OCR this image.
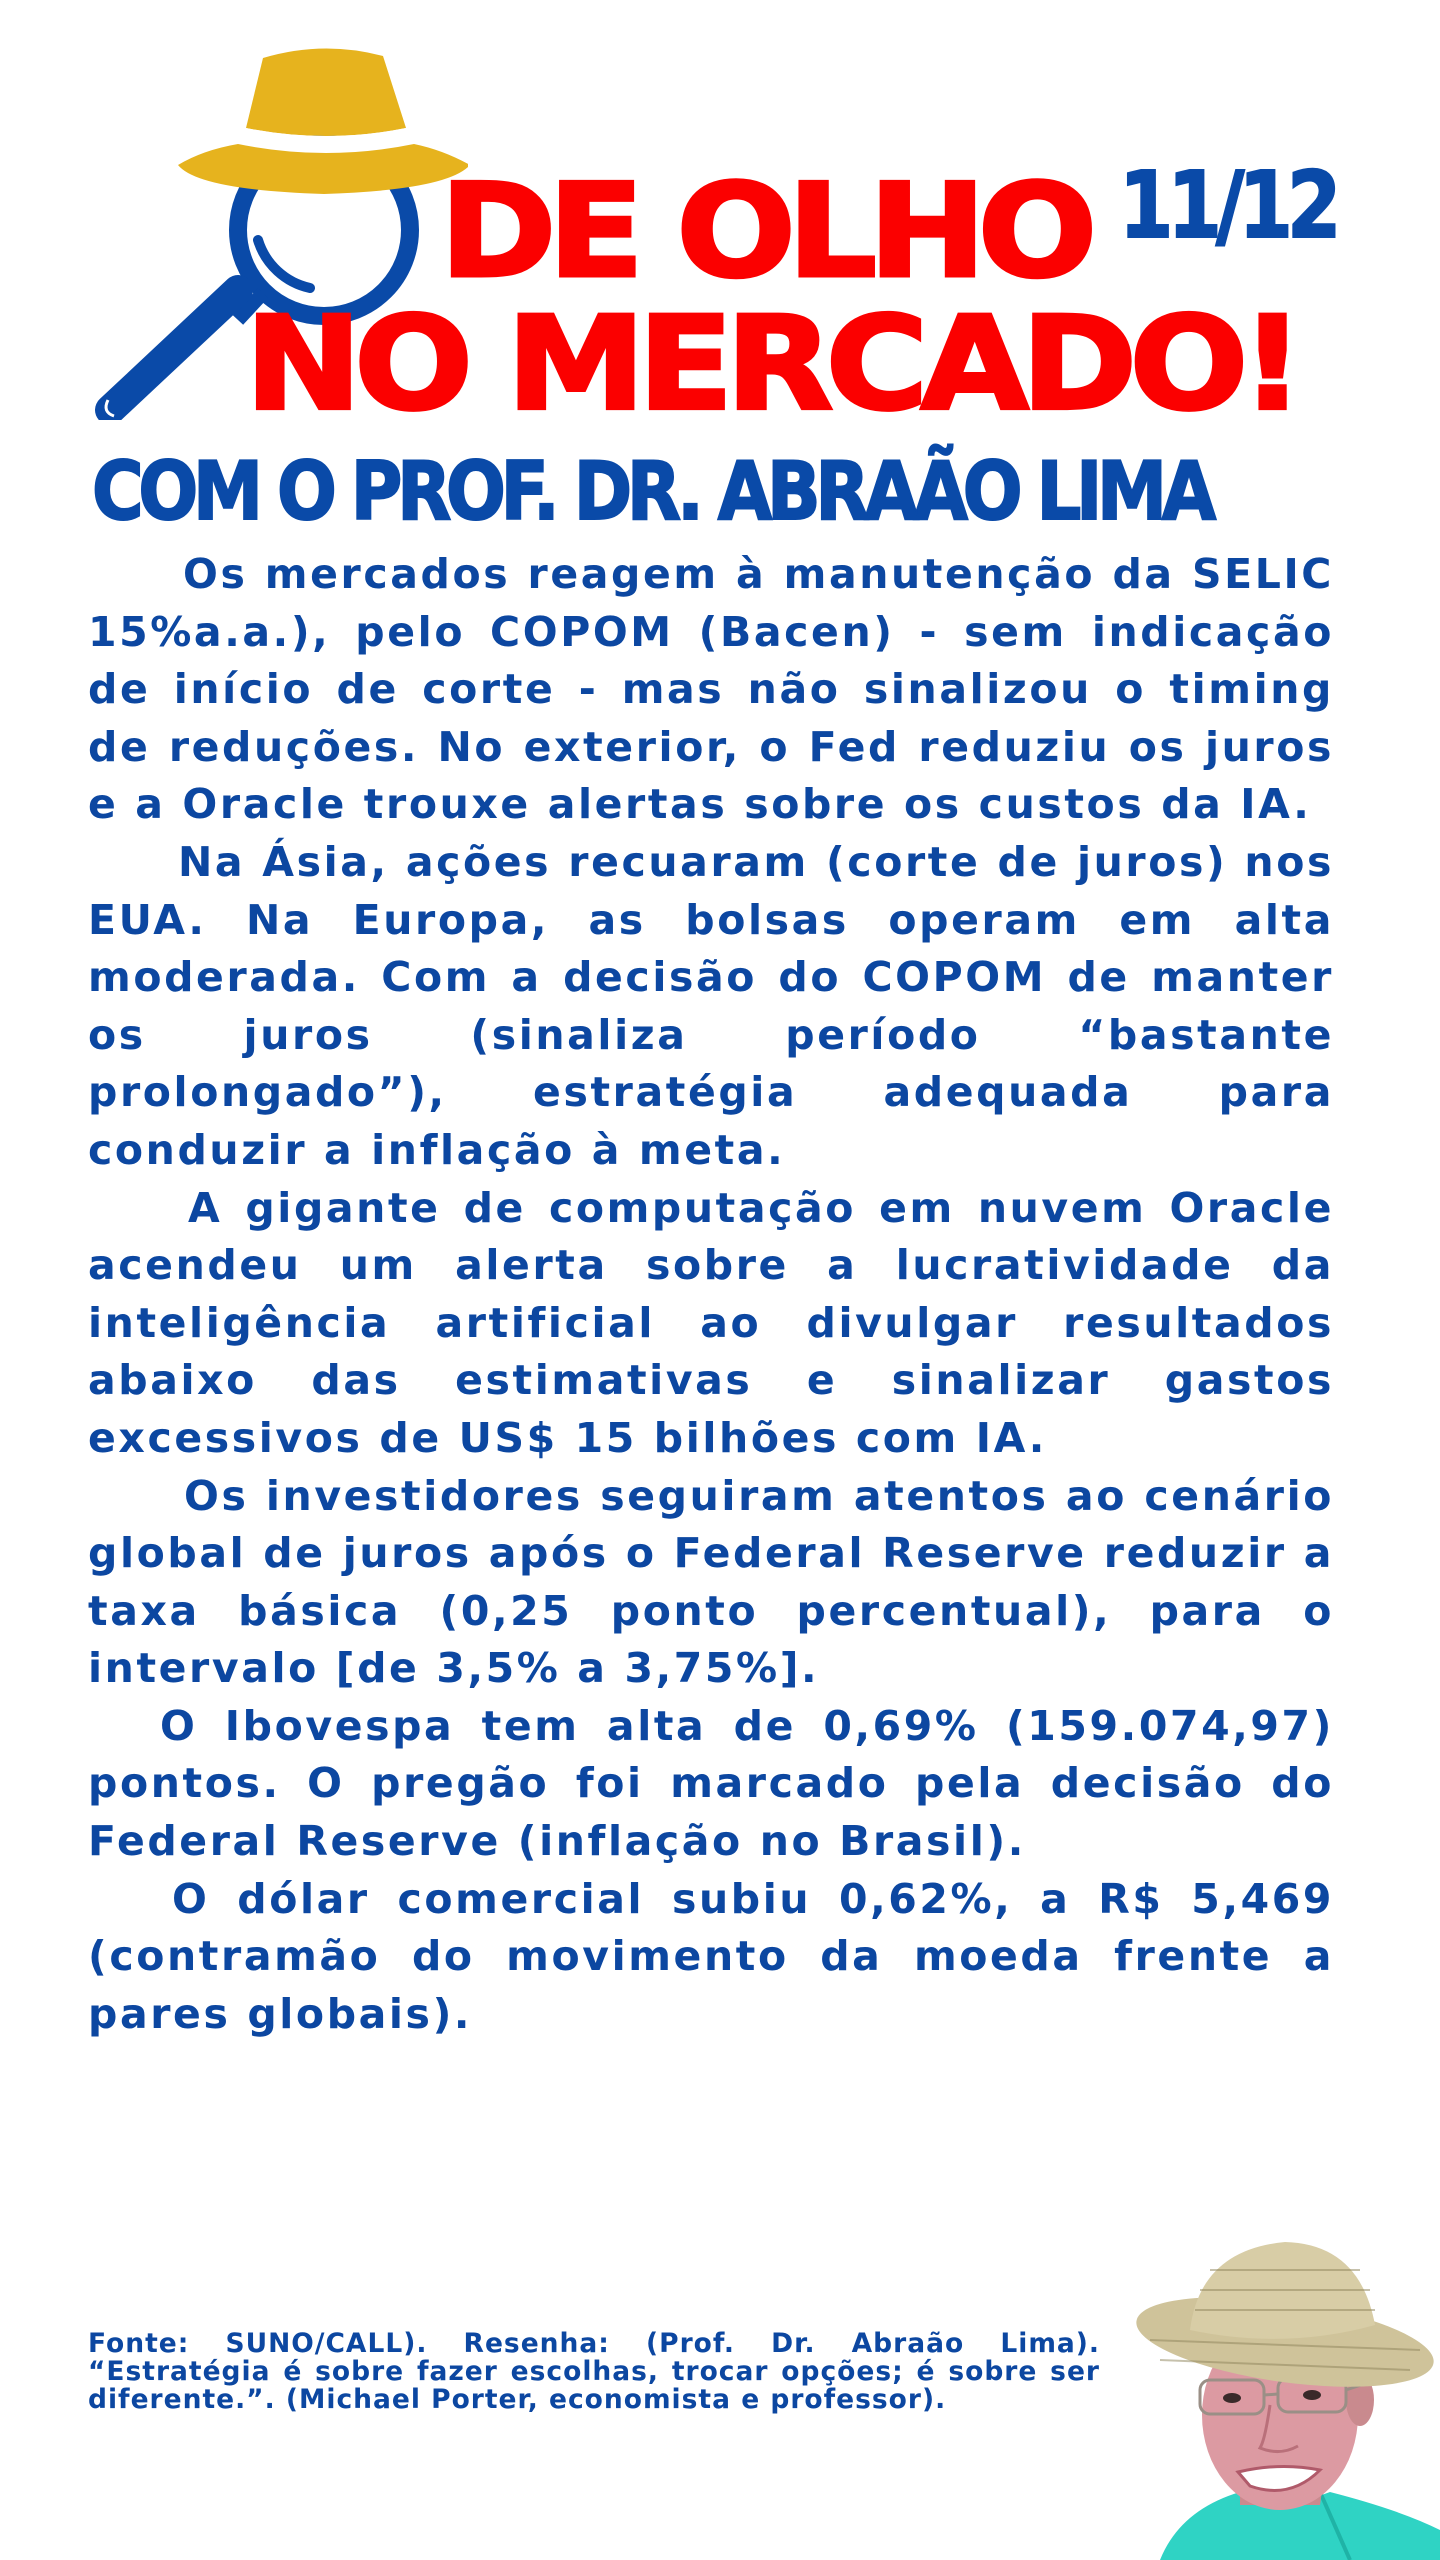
DE OLHO 11/12
NO MERCADO!
COM O PROF. DR. ABRAÃO LIMA

Os mercados reagem à manutenção da SELIC 15%a.a.), pelo COPOM (Bacen) - sem indicação de início de corte - mas não sinalizou o timing de reduções. No exterior, o Fed reduziu os juros e a Oracle trouxe alertas sobre os custos da IA.

Na Ásia, ações recuaram (corte de juros) nos EUA. Na Europa, as bolsas operam em alta moderada. Com a decisão do COPOM de manter os juros (sinaliza período “bastante prolongado”), estratégia adequada para conduzir a inflação à meta.

A gigante de computação em nuvem Oracle acendeu um alerta sobre a lucratividade da inteligência artificial ao divulgar resultados abaixo das estimativas e sinalizar gastos excessivos de US$ 15 bilhões com IA.

Os investidores seguiram atentos ao cenário global de juros após o Federal Reserve reduzir a taxa básica (0,25 ponto percentual), para o intervalo [de 3,5% a 3,75%].

O Ibovespa tem alta de 0,69% (159.074,97) pontos. O pregão foi marcado pela decisão do Federal Reserve (inflação no Brasil).

O dólar comercial subiu 0,62%, a R$ 5,469 (contramão do movimento da moeda frente a pares globais).

Fonte: SUNO/CALL). Resenha: (Prof. Dr. Abraão Lima). “Estratégia é sobre fazer escolhas, trocar opções; é sobre ser diferente.”. (Michael Porter, economista e professor).
